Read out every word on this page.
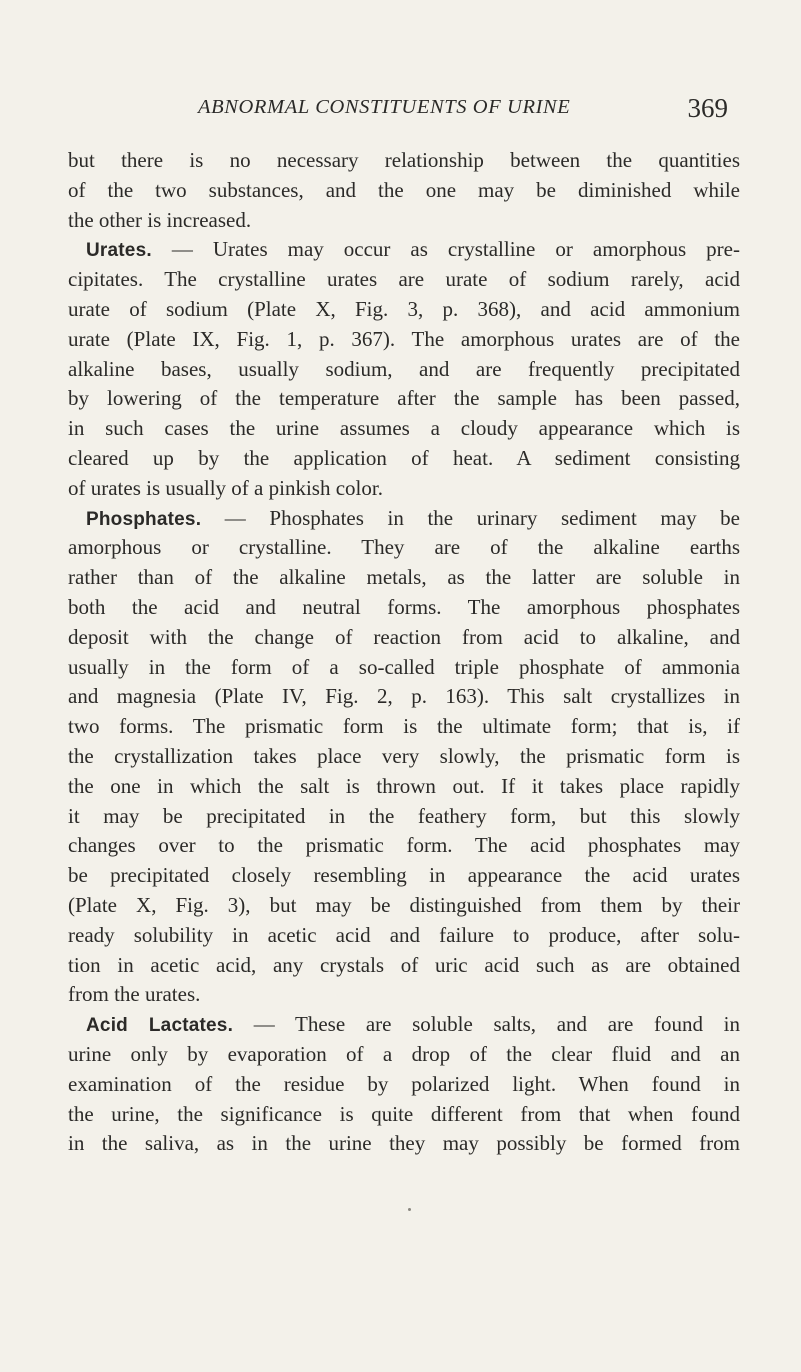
ABNORMAL CONSTITUENTS OF URINE	369
but there is no necessary relationship between the quantities
of the two substances, and the one may be diminished while
the other is increased.
Urates. — Urates may occur as crystalline or amorphous pre-
cipitates. The crystalline urates are urate of sodium rarely, acid
urate of sodium (Plate X, Fig. 3, p. 368), and acid ammonium
urate (Plate IX, Fig. 1, p. 367). The amorphous urates are of the
alkaline bases, usually sodium, and are frequently precipitated
by lowering of the temperature after the sample has been passed,
in such cases the urine assumes a cloudy appearance which is
cleared up by the application of heat. A sediment consisting
of urates is usually of a pinkish color.
Phosphates. — Phosphates in the urinary sediment may be
amorphous or crystalline. They are of the alkaline earths
rather than of the alkaline metals, as the latter are soluble in
both the acid and neutral forms. The amorphous phosphates
deposit with the change of reaction from acid to alkaline, and
usually in the form of a so-called triple phosphate of ammonia
and magnesia (Plate IV, Fig. 2, p. 163). This salt crystallizes in
two forms. The prismatic form is the ultimate form; that is, if
the crystallization takes place very slowly, the prismatic form is
the one in which the salt is thrown out. If it takes place rapidly
it may be precipitated in the feathery form, but this slowly
changes over to the prismatic form. The acid phosphates may
be precipitated closely resembling in appearance the acid urates
(Plate X, Fig. 3), but may be distinguished from them by their
ready solubility in acetic acid and failure to produce, after solu-
tion in acetic acid, any crystals of uric acid such as are obtained
from the urates.
Acid Lactates. — These are soluble salts, and are found in
urine only by evaporation of a drop of the clear fluid and an
examination of the residue by polarized light. When found in
the urine, the significance is quite different from that when found
in the saliva, as in the urine they may possibly be formed from
